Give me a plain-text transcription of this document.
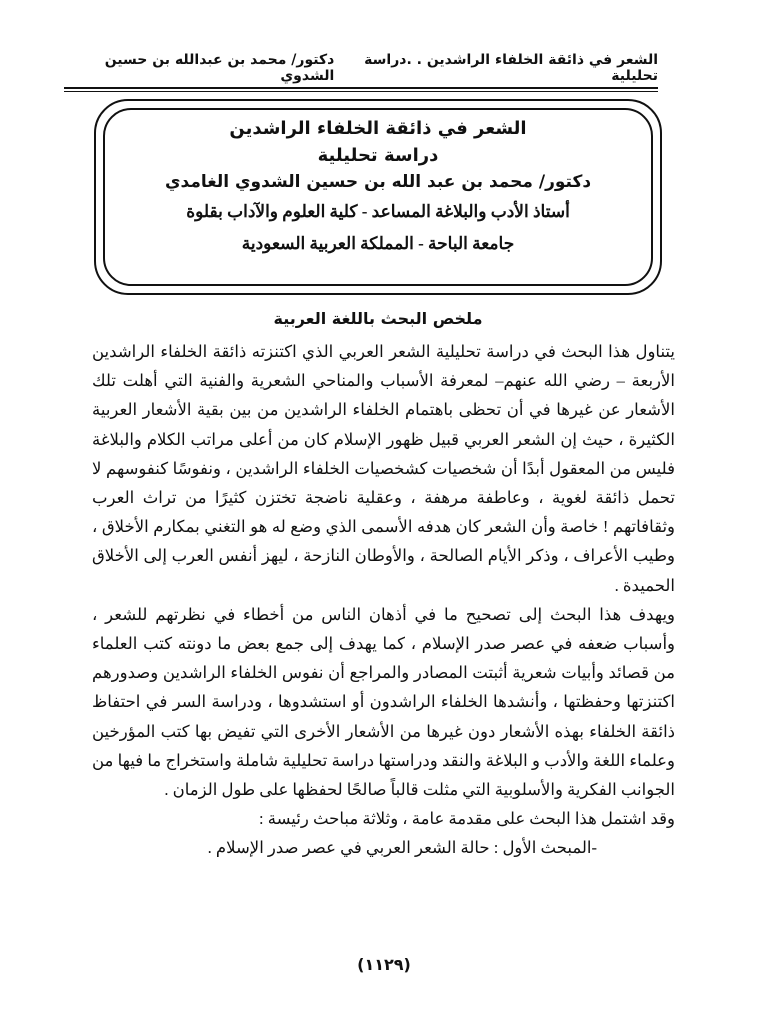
الشعر في ذائقة الخلفاء الراشدين . .دراسة تحليلية
دكتور/ محمد بن عبدالله بن حسين الشدوي
الشعر في ذائقة الخلفاء الراشدين
دراسة تحليلية
دكتور/ محمد بن عبد الله بن حسين الشدوي الغامدي
أستاذ الأدب والبلاغة المساعد - كلية العلوم والآداب بقلوة
جامعة الباحة - المملكة العربية السعودية
ملخص البحث باللغة العربية

يتناول هذا البحث في دراسة تحليلية الشعر العربي الذي اكتنزته ذائقة الخلفاء الراشدين الأربعة – رضي الله عنهم– لمعرفة الأسباب والمناحي الشعرية والفنية التي أهلت تلك الأشعار عن غيرها في أن تحظى باهتمام الخلفاء الراشدين من بين بقية الأشعار العربية الكثيرة ، حيث إن الشعر العربي قبيل ظهور الإسلام كان من أعلى مراتب الكلام والبلاغة فليس من المعقول أبدًا أن شخصيات كشخصيات الخلفاء الراشدين ، ونفوسًا كنفوسهم لا تحمل ذائقة لغوية ، وعاطفة مرهفة ، وعقلية ناضجة تختزن كثيرًا من تراث العرب وثقافاتهم ! خاصة وأن الشعر كان هدفه الأسمى الذي وضع له هو التغني بمكارم الأخلاق ، وطيب الأعراف ، وذكر الأيام الصالحة ، والأوطان النازحة ، ليهز أنفس العرب إلى الأخلاق الحميدة .

ويهدف هذا البحث إلى تصحيح ما في أذهان الناس من أخطاء في نظرتهم للشعر ، وأسباب ضعفه في عصر صدر الإسلام ، كما يهدف إلى جمع بعض ما دونته كتب العلماء من قصائد وأبيات شعرية أثبتت المصادر والمراجع أن نفوس الخلفاء الراشدين وصدورهم اكتنزتها وحفظتها ، وأنشدها الخلفاء الراشدون أو استشدوها ، ودراسة السر في احتفاظ ذائقة الخلفاء بهذه الأشعار دون غيرها من الأشعار الأخرى التي تفيض بها كتب المؤرخين وعلماء اللغة والأدب و البلاغة والنقد ودراستها دراسة تحليلية شاملة واستخراج ما فيها من الجوانب الفكرية والأسلوبية التي مثلت قالباً صالحًا لحفظها على طول الزمان .

وقد اشتمل هذا البحث على مقدمة عامة ، وثلاثة مباحث رئيسة :

-المبحث الأول : حالة الشعر العربي في عصر صدر الإسلام .

(١١٢٩)
